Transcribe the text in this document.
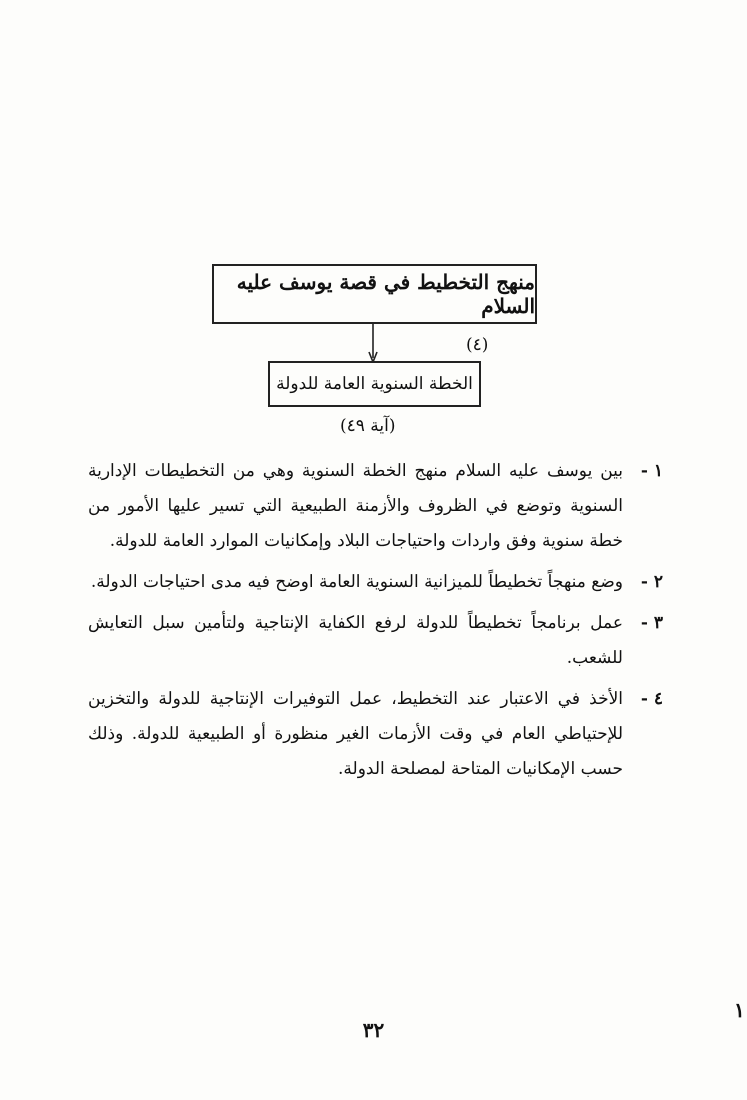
منهج التخطيط في قصة يوسف عليه السلام
(٤)
الخطة السنوية العامة للدولة
(آية ٤٩)
١ -
بين يوسف عليه السلام منهج الخطة السنوية وهي من التخطيطات الإدارية السنوية وتوضع في الظروف والأزمنة الطبيعية التي تسير عليها الأمور من خطة سنوية وفق واردات واحتياجات البلاد وإمكانيات الموارد العامة للدولة.
٢ -
وضع منهجاً تخطيطاً للميزانية السنوية العامة اوضح فيه مدى احتياجات الدولة.
٣ -
عمل برنامجاً تخطيطاً للدولة لرفع الكفاية الإنتاجية ولتأمين سبل التعايش للشعب.
٤ -
الأخذ في الاعتبار عند التخطيط، عمل التوفيرات الإنتاجية للدولة والتخزين للإحتياطي العام في وقت الأزمات الغير منظورة أو الطبيعية للدولة. وذلك حسب الإمكانيات المتاحة لمصلحة الدولة.
٣٢
١
